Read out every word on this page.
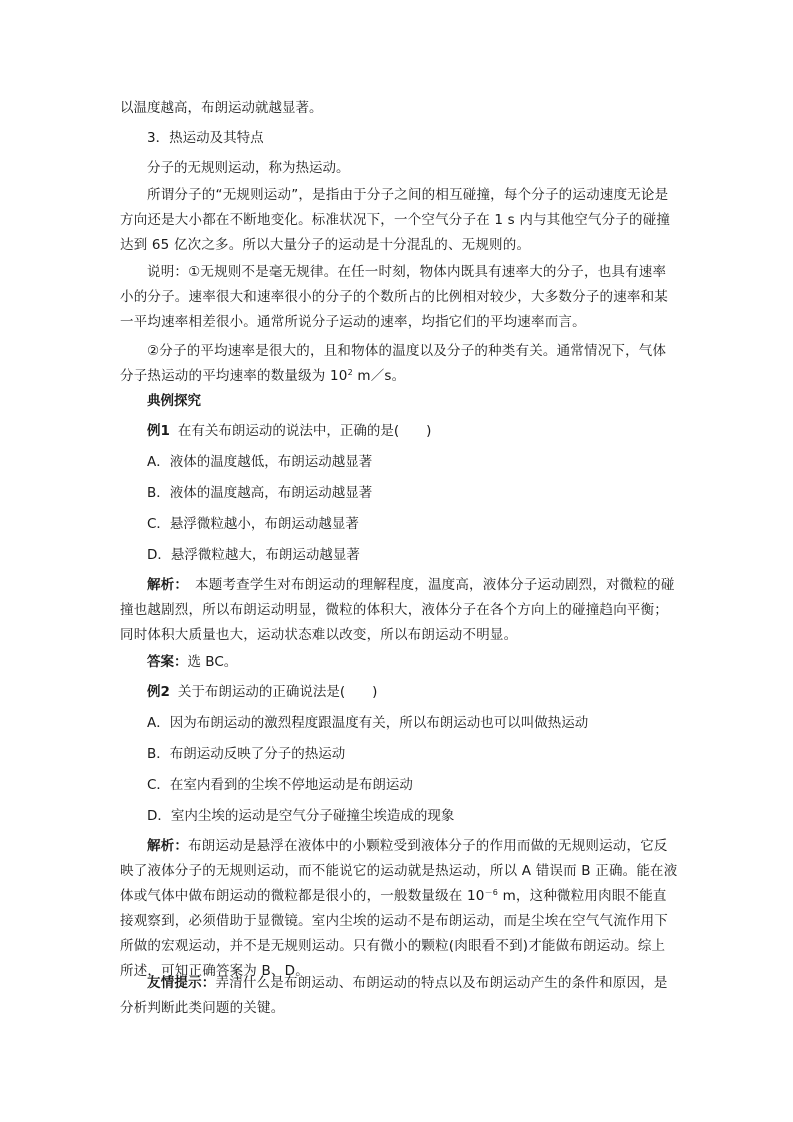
以温度越高，布朗运动就越显著。
3．热运动及其特点
分子的无规则运动，称为热运动。
所谓分子的“无规则运动”，是指由于分子之间的相互碰撞，每个分子的运动速度无论是方向还是大小都在不断地变化。标准状况下，一个空气分子在 1 s 内与其他空气分子的碰撞达到 65 亿次之多。所以大量分子的运动是十分混乱的、无规则的。
说明：①无规则不是毫无规律。在任一时刻，物体内既具有速率大的分子，也具有速率小的分子。速率很大和速率很小的分子的个数所占的比例相对较少，大多数分子的速率和某一平均速率相差很小。通常所说分子运动的速率，均指它们的平均速率而言。
②分子的平均速率是很大的，且和物体的温度以及分子的种类有关。通常情况下，气体分子热运动的平均速率的数量级为 $10^2$ m／s。
典例探究
例1 在有关布朗运动的说法中，正确的是(　　)
A．液体的温度越低，布朗运动越显著
B．液体的温度越高，布朗运动越显著
C．悬浮微粒越小，布朗运动越显著
D．悬浮微粒越大，布朗运动越显著
解析：　本题考查学生对布朗运动的理解程度，温度高，液体分子运动剧烈，对微粒的碰撞也越剧烈，所以布朗运动明显，微粒的体积大，液体分子在各个方向上的碰撞趋向平衡；同时体积大质量也大，运动状态难以改变，所以布朗运动不明显。
答案：选 BC。
例2 关于布朗运动的正确说法是(　　)
A．因为布朗运动的激烈程度跟温度有关，所以布朗运动也可以叫做热运动
B．布朗运动反映了分子的热运动
C．在室内看到的尘埃不停地运动是布朗运动
D．室内尘埃的运动是空气分子碰撞尘埃造成的现象
解析：布朗运动是悬浮在液体中的小颗粒受到液体分子的作用而做的无规则运动，它反映了液体分子的无规则运动，而不能说它的运动就是热运动，所以 A 错误而 B 正确。能在液体或气体中做布朗运动的微粒都是很小的，一般数量级在 $10^{-6}$ m，这种微粒用肉眼不能直接观察到，必须借助于显微镜。室内尘埃的运动不是布朗运动，而是尘埃在空气气流作用下所做的宏观运动，并不是无规则运动。只有微小的颗粒(肉眼看不到)才能做布朗运动。综上所述，可知正确答案为 B、D。
友情提示：弄清什么是布朗运动、布朗运动的特点以及布朗运动产生的条件和原因，是分析判断此类问题的关键。
